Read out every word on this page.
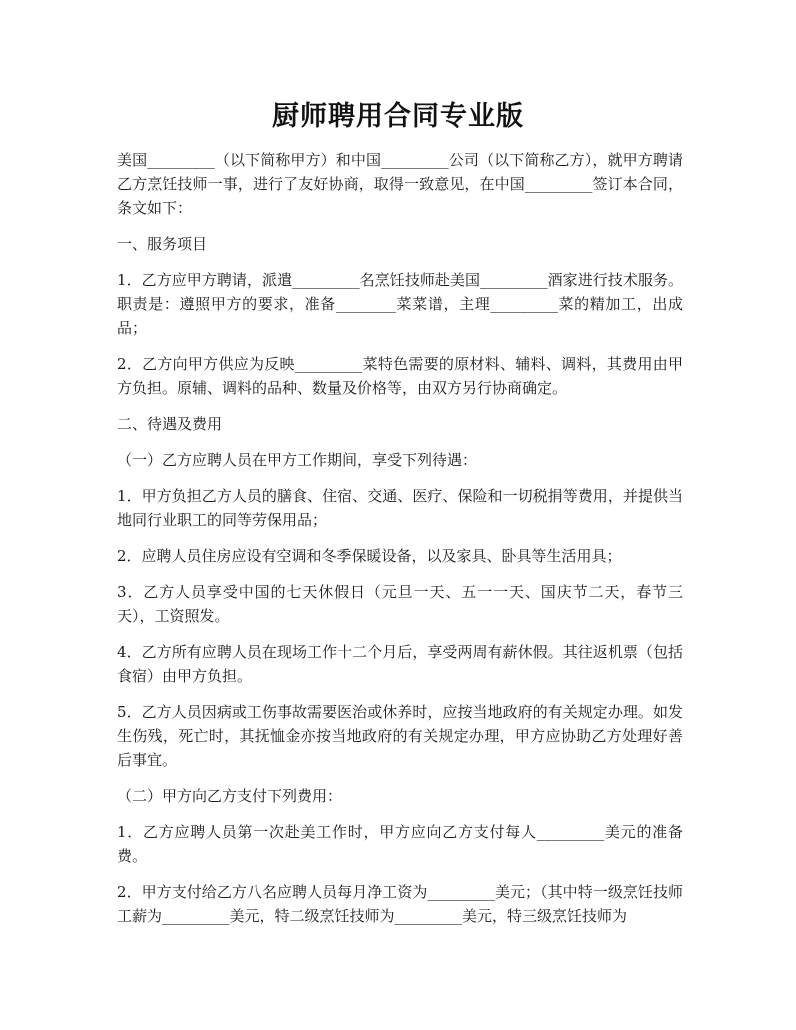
厨师聘用合同专业版

美国_________（以下简称甲方）和中国_________公司（以下简称乙方），就甲方聘请乙方烹饪技师一事，进行了友好协商，取得一致意见，在中国_________签订本合同，条文如下：

一、服务项目

1．乙方应甲方聘请，派遣_________名烹饪技师赴美国_________酒家进行技术服务。职责是：遵照甲方的要求，准备________菜菜谱，主理_________菜的精加工，出成品；

2．乙方向甲方供应为反映_________菜特色需要的原材料、辅料、调料，其费用由甲方负担。原辅、调料的品种、数量及价格等，由双方另行协商确定。

二、待遇及费用

（一）乙方应聘人员在甲方工作期间，享受下列待遇：

1．甲方负担乙方人员的膳食、住宿、交通、医疗、保险和一切税捐等费用，并提供当地同行业职工的同等劳保用品；

2．应聘人员住房应设有空调和冬季保暖设备，以及家具、卧具等生活用具；

3．乙方人员享受中国的七天休假日（元旦一天、五一一天、国庆节二天，春节三天），工资照发。

4．乙方所有应聘人员在现场工作十二个月后，享受两周有薪休假。其往返机票（包括食宿）由甲方负担。

5．乙方人员因病或工伤事故需要医治或休养时，应按当地政府的有关规定办理。如发生伤残，死亡时，其抚恤金亦按当地政府的有关规定办理，甲方应协助乙方处理好善后事宜。

（二）甲方向乙方支付下列费用：

1．乙方应聘人员第一次赴美工作时，甲方应向乙方支付每人_________美元的准备费。

2．甲方支付给乙方八名应聘人员每月净工资为_________美元；（其中特一级烹饪技师工薪为_________美元，特二级烹饪技师为_________美元，特三级烹饪技师为
